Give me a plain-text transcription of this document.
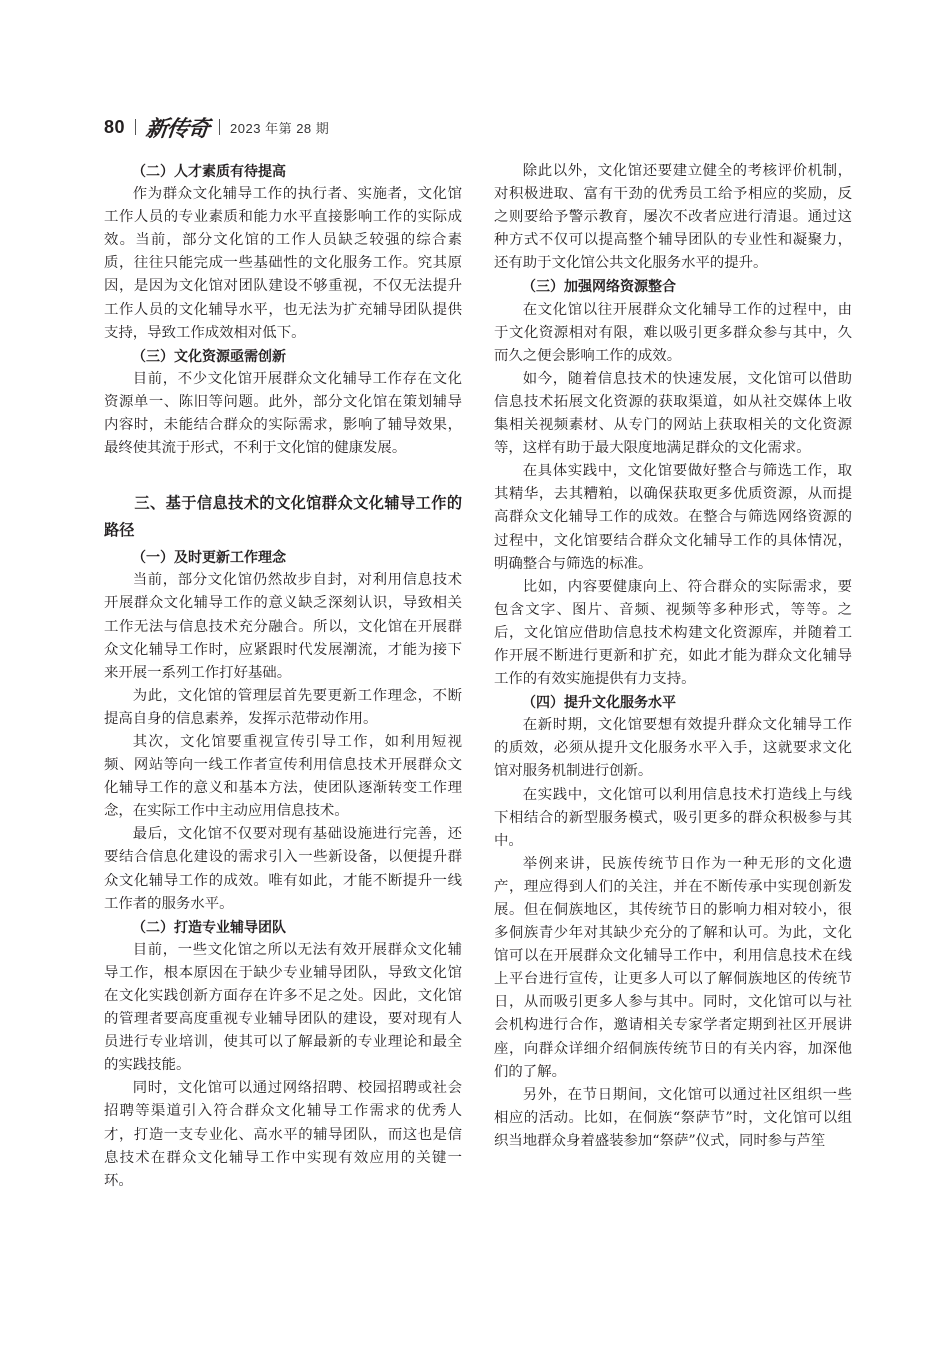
80 新传奇 2023 年第 28 期
（二）人才素质有待提高

作为群众文化辅导工作的执行者、实施者，文化馆工作人员的专业素质和能力水平直接影响工作的实际成效。当前，部分文化馆的工作人员缺乏较强的综合素质，往往只能完成一些基础性的文化服务工作。究其原因，是因为文化馆对团队建设不够重视，不仅无法提升工作人员的文化辅导水平，也无法为扩充辅导团队提供支持，导致工作成效相对低下。

（三）文化资源亟需创新

目前，不少文化馆开展群众文化辅导工作存在文化资源单一、陈旧等问题。此外，部分文化馆在策划辅导内容时，未能结合群众的实际需求，影响了辅导效果，最终使其流于形式，不利于文化馆的健康发展。

三、基于信息技术的文化馆群众文化辅导工作的路径
（一）及时更新工作理念

当前，部分文化馆仍然故步自封，对利用信息技术开展群众文化辅导工作的意义缺乏深刻认识，导致相关工作无法与信息技术充分融合。所以，文化馆在开展群众文化辅导工作时，应紧跟时代发展潮流，才能为接下来开展一系列工作打好基础。

为此，文化馆的管理层首先要更新工作理念，不断提高自身的信息素养，发挥示范带动作用。

其次，文化馆要重视宣传引导工作，如利用短视频、网站等向一线工作者宣传利用信息技术开展群众文化辅导工作的意义和基本方法，使团队逐渐转变工作理念，在实际工作中主动应用信息技术。

最后，文化馆不仅要对现有基础设施进行完善，还要结合信息化建设的需求引入一些新设备，以便提升群众文化辅导工作的成效。唯有如此，才能不断提升一线工作者的服务水平。

（二）打造专业辅导团队

目前，一些文化馆之所以无法有效开展群众文化辅导工作，根本原因在于缺少专业辅导团队，导致文化馆在文化实践创新方面存在许多不足之处。因此，文化馆的管理者要高度重视专业辅导团队的建设，要对现有人员进行专业培训，使其可以了解最新的专业理论和最全的实践技能。

同时，文化馆可以通过网络招聘、校园招聘或社会招聘等渠道引入符合群众文化辅导工作需求的优秀人才，打造一支专业化、高水平的辅导团队，而这也是信息技术在群众文化辅导工作中实现有效应用的关键一环。

除此以外，文化馆还要建立健全的考核评价机制，对积极进取、富有干劲的优秀员工给予相应的奖励，反之则要给予警示教育，屡次不改者应进行清退。通过这种方式不仅可以提高整个辅导团队的专业性和凝聚力，还有助于文化馆公共文化服务水平的提升。

（三）加强网络资源整合

在文化馆以往开展群众文化辅导工作的过程中，由于文化资源相对有限，难以吸引更多群众参与其中，久而久之便会影响工作的成效。

如今，随着信息技术的快速发展，文化馆可以借助信息技术拓展文化资源的获取渠道，如从社交媒体上收集相关视频素材、从专门的网站上获取相关的文化资源等，这样有助于最大限度地满足群众的文化需求。

在具体实践中，文化馆要做好整合与筛选工作，取其精华，去其糟粕，以确保获取更多优质资源，从而提高群众文化辅导工作的成效。在整合与筛选网络资源的过程中，文化馆要结合群众文化辅导工作的具体情况，明确整合与筛选的标准。

比如，内容要健康向上、符合群众的实际需求，要包含文字、图片、音频、视频等多种形式，等等。之后，文化馆应借助信息技术构建文化资源库，并随着工作开展不断进行更新和扩充，如此才能为群众文化辅导工作的有效实施提供有力支持。

（四）提升文化服务水平

在新时期，文化馆要想有效提升群众文化辅导工作的质效，必须从提升文化服务水平入手，这就要求文化馆对服务机制进行创新。

在实践中，文化馆可以利用信息技术打造线上与线下相结合的新型服务模式，吸引更多的群众积极参与其中。

举例来讲，民族传统节日作为一种无形的文化遗产，理应得到人们的关注，并在不断传承中实现创新发展。但在侗族地区，其传统节日的影响力相对较小，很多侗族青少年对其缺少充分的了解和认可。为此，文化馆可以在开展群众文化辅导工作中，利用信息技术在线上平台进行宣传，让更多人可以了解侗族地区的传统节日，从而吸引更多人参与其中。同时，文化馆可以与社会机构进行合作，邀请相关专家学者定期到社区开展讲座，向群众详细介绍侗族传统节日的有关内容，加深他们的了解。

另外，在节日期间，文化馆可以通过社区组织一些相应的活动。比如，在侗族“祭萨节”时，文化馆可以组织当地群众身着盛装参加“祭萨”仪式，同时参与芦笙
